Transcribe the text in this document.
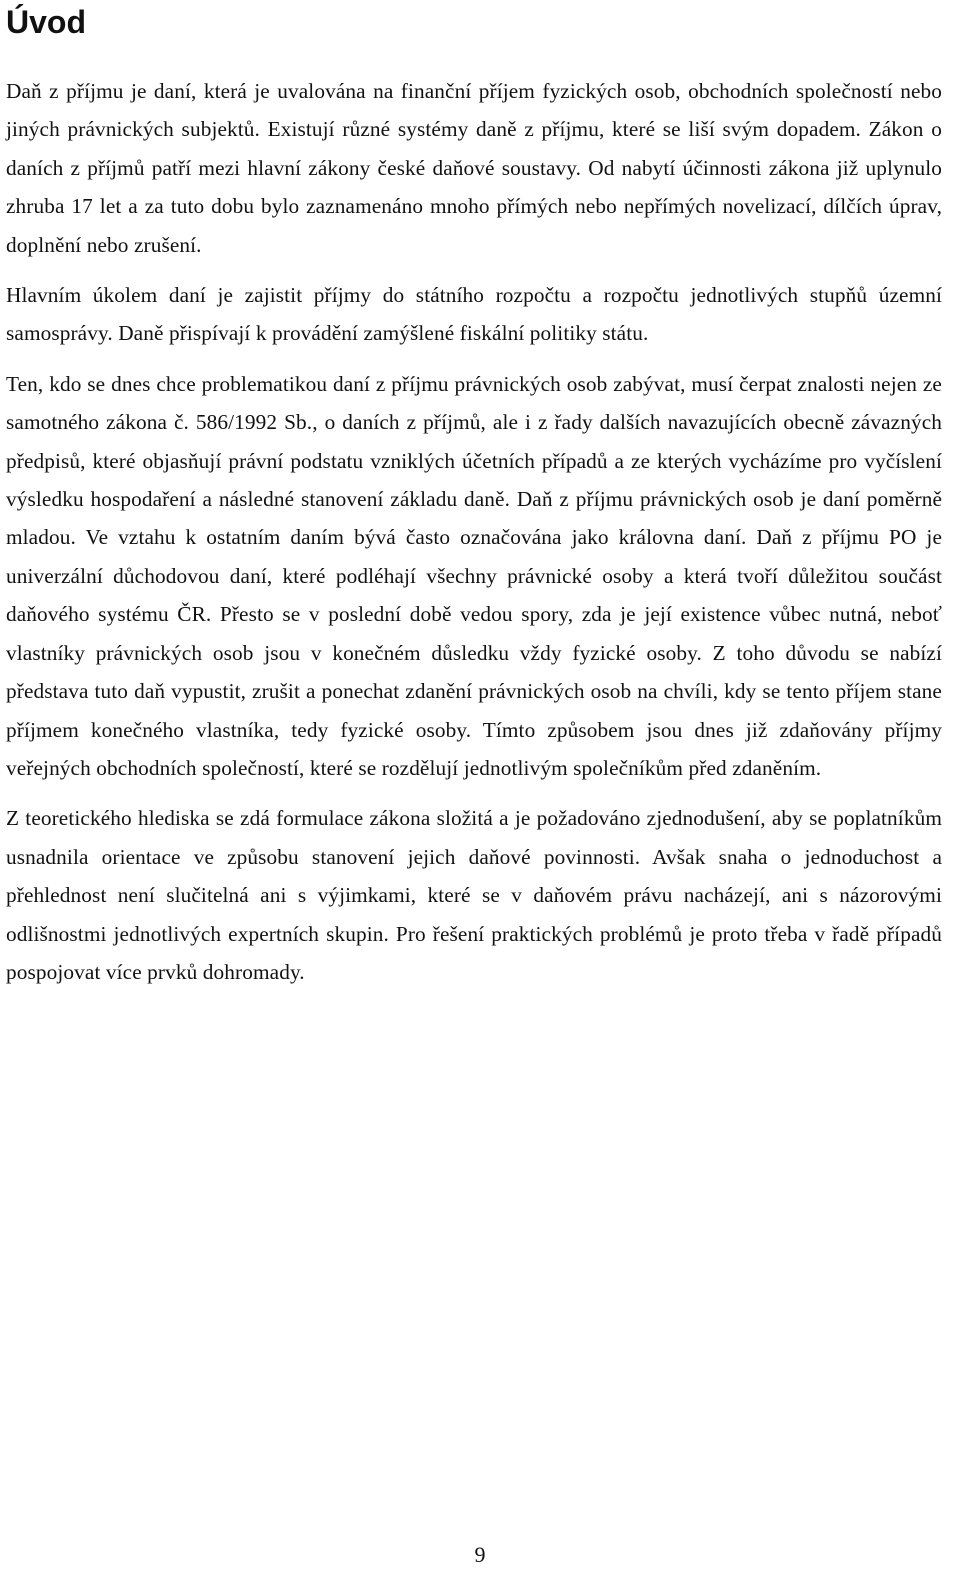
Úvod

Daň z příjmu je daní, která je uvalována na finanční příjem fyzických osob, obchodních společností nebo jiných právnických subjektů. Existují různé systémy daně z příjmu, které se liší svým dopadem. Zákon o daních z příjmů patří mezi hlavní zákony české daňové soustavy. Od nabytí účinnosti zákona již uplynulo zhruba 17 let a za tuto dobu bylo zaznamenáno mnoho přímých nebo nepřímých novelizací, dílčích úprav, doplnění nebo zrušení.

Hlavním úkolem daní je zajistit příjmy do státního rozpočtu a rozpočtu jednotlivých stupňů územní samosprávy. Daně přispívají k provádění zamýšlené fiskální politiky státu.

Ten, kdo se dnes chce problematikou daní z příjmu právnických osob zabývat, musí čerpat znalosti nejen ze samotného zákona č. 586/1992 Sb., o daních z příjmů, ale i z řady dalších navazujících obecně závazných předpisů, které objasňují právní podstatu vzniklých účetních případů a ze kterých vycházíme pro vyčíslení výsledku hospodaření a následné stanovení základu daně. Daň z příjmu právnických osob je daní poměrně mladou. Ve vztahu k ostatním daním bývá často označována jako královna daní. Daň z příjmu PO je univerzální důchodovou daní, které podléhají všechny právnické osoby a která tvoří důležitou součást daňového systému ČR. Přesto se v poslední době vedou spory, zda je její existence vůbec nutná, neboť vlastníky právnických osob jsou v konečném důsledku vždy fyzické osoby. Z toho důvodu se nabízí představa tuto daň vypustit, zrušit a ponechat zdanění právnických osob na chvíli, kdy se tento příjem stane příjmem konečného vlastníka, tedy fyzické osoby. Tímto způsobem jsou dnes již zdaňovány příjmy veřejných obchodních společností, které se rozdělují jednotlivým společníkům před zdaněním.

Z teoretického hlediska se zdá formulace zákona složitá a je požadováno zjednodušení, aby se poplatníkům usnadnila orientace ve způsobu stanovení jejich daňové povinnosti. Avšak snaha o jednoduchost a přehlednost není slučitelná ani s výjimkami, které se v daňovém právu nacházejí, ani s názorovými odlišnostmi jednotlivých expertních skupin. Pro řešení praktických problémů je proto třeba v řadě případů pospojovat více prvků dohromady.

9
